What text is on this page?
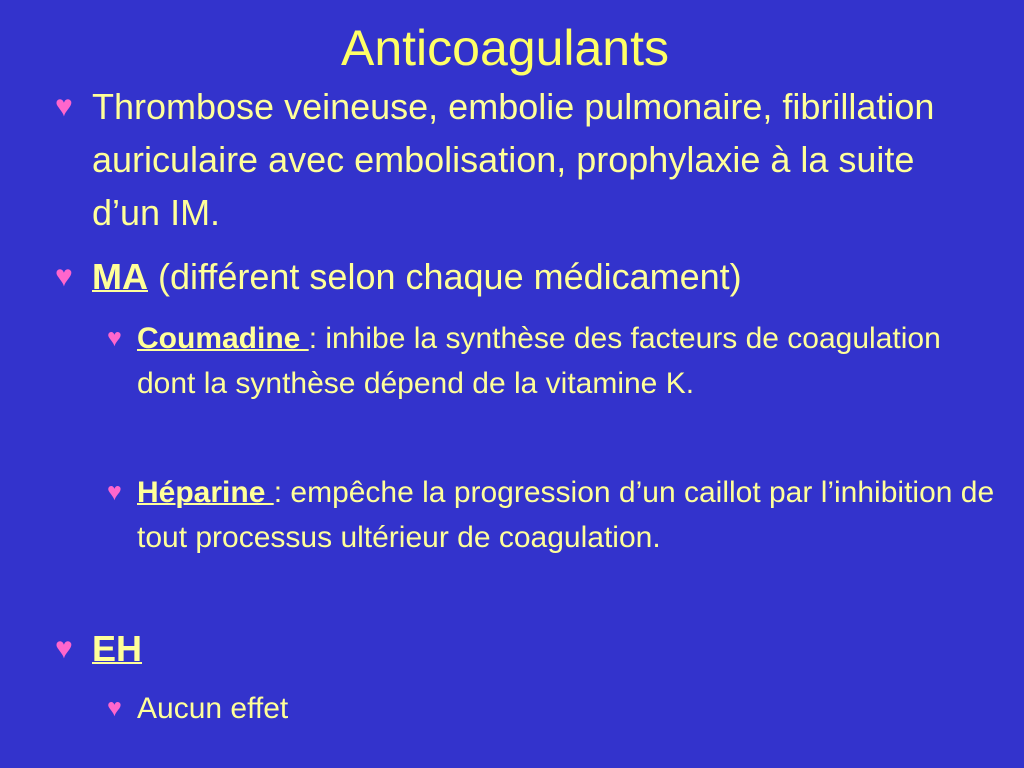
Anticoagulants
♥ Thrombose veineuse, embolie pulmonaire, fibrillation auriculaire avec embolisation, prophylaxie à la suite d’un IM.
♥ MA (différent selon chaque médicament)
♥ Coumadine : inhibe la synthèse des facteurs de coagulation dont la synthèse dépend de la vitamine K.
♥ Héparine : empêche la progression d’un caillot par l’inhibition de tout processus ultérieur de coagulation.
♥ EH
♥ Aucun effet
